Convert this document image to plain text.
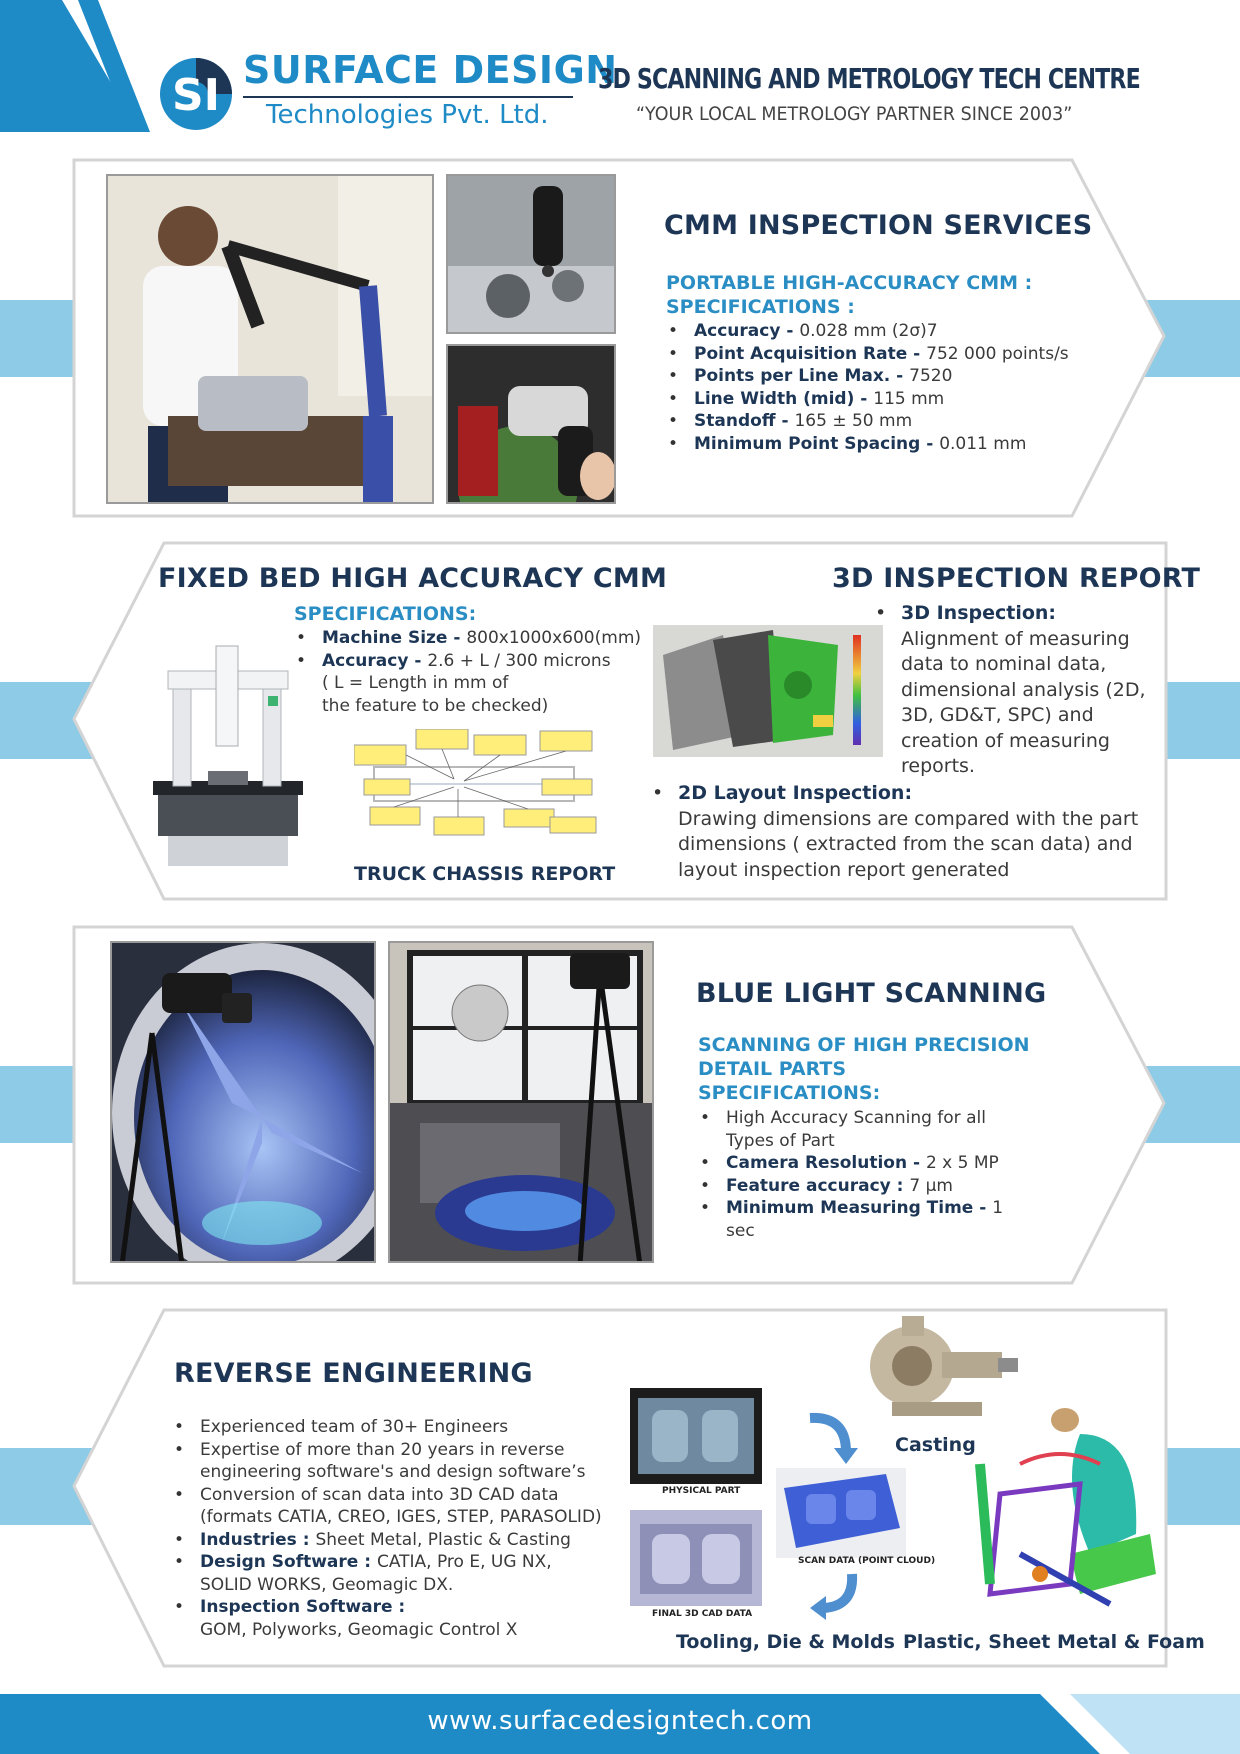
SI SURFACE DESIGN
Technologies Pvt. Ltd.
3D SCANNING AND METROLOGY TECH CENTRE
“YOUR LOCAL METROLOGY PARTNER SINCE 2003”
CMM INSPECTION SERVICES
PORTABLE HIGH-ACCURACY CMM :
SPECIFICATIONS :
• Accuracy - 0.028 mm (2σ)7
• Point Acquisition Rate - 752 000 points/s
• Points per Line Max. - 7520
• Line Width (mid) - 115 mm
• Standoff - 165 ± 50 mm
• Minimum Point Spacing - 0.011 mm
FIXED BED HIGH ACCURACY CMM
SPECIFICATIONS:
• Machine Size - 800x1000x600(mm)
• Accuracy - 2.6 + L / 300 microns
( L = Length in mm of
the feature to be checked)
TRUCK CHASSIS REPORT
3D INSPECTION REPORT
• 3D Inspection:
Alignment of measuring data to nominal data, dimensional analysis (2D, 3D, GD&T, SPC) and creation of measuring reports.
• 2D Layout Inspection:
Drawing dimensions are compared with the part dimensions ( extracted from the scan data) and layout inspection report generated
BLUE LIGHT SCANNING
SCANNING OF HIGH PRECISION
DETAIL PARTS
SPECIFICATIONS:
• High Accuracy Scanning for all Types of Part
• Camera Resolution - 2 x 5 MP
• Feature accuracy : 7 µm
• Minimum Measuring Time - 1 sec
REVERSE ENGINEERING
• Experienced team of 30+ Engineers
• Expertise of more than 20 years in reverse engineering software's and design software’s
• Conversion of scan data into 3D CAD data (formats CATIA, CREO, IGES, STEP, PARASOLID)
• Industries : Sheet Metal, Plastic & Casting
• Design Software : CATIA, Pro E, UG NX, SOLID WORKS, Geomagic DX.
• Inspection Software :
GOM, Polyworks, Geomagic Control X
PHYSICAL PART
FINAL 3D CAD DATA
SCAN DATA (POINT CLOUD)
Casting
Tooling, Die & Molds Plastic, Sheet Metal & Foam
www.surfacedesigntech.com
